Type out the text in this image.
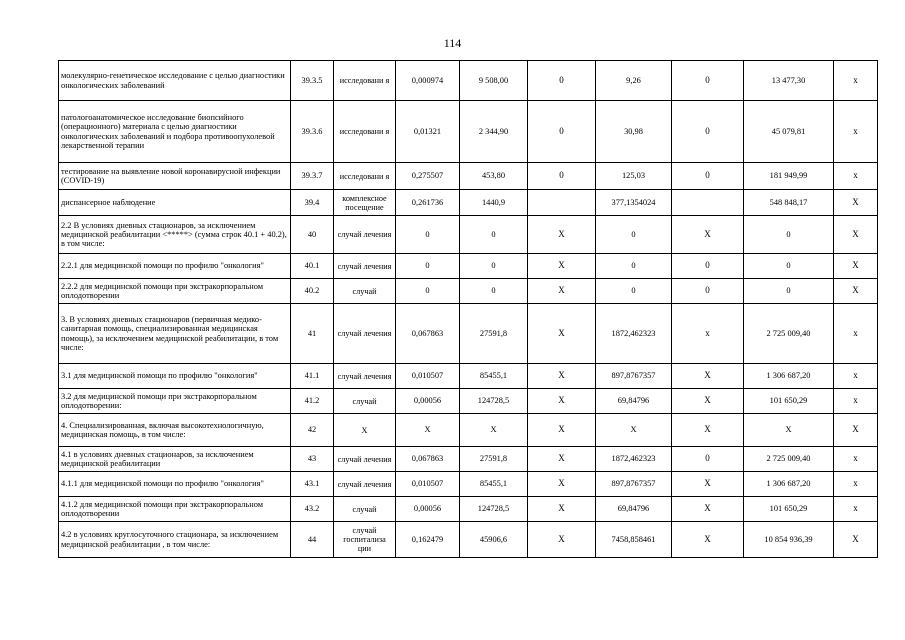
114
молекулярно-генетическое исследование с целью диагностики онкологических заболеваний	39.3.5	исследовани я	0,000974	9 508,00	0	9,26	0	13 477,30	х
патологоанатомическое исследование биопсийного (операционного) материала с целью диагностики онкологических заболеваний и подбора противоопухолевой лекарственной терапии	39.3.6	исследовани я	0,01321	2 344,90	0	30,98	0	45 079,81	х
тестирование на выявление новой коронавирусной инфекции (COVID-19)	39.3.7	исследовани я	0,275507	453,80	0	125,03	0	181 949,99	х
диспансерное наблюдение	39.4	комплексное посещение	0,261736	1440,9		377,1354024		548 848,17	Х
2.2 В условиях дневных стационаров, за исключением медицинской реабилитации <*****> (сумма строк 40.1 + 40.2), в том числе:	40	случай лечения	0	0	X	0	X	0	X
2.2.1 для медицинской помощи по профилю "онкология"	40.1	случай лечения	0	0	X	0	0	0	X
2.2.2 для медицинской помощи при экстракорпоральном оплодотворении	40.2	случай	0	0	X	0	0	0	X
3. В условиях дневных стационаров (первичная медико-санитарная помощь, специализированная медицинская помощь), за исключением медицинской реабилитации, в том числе:	41	случай лечения	0,067863	27591,8	X	1872,462323	x	2 725 009,40	x
3.1 для медицинской помощи по профилю "онкология"	41.1	случай лечения	0,010507	85455,1	X	897,8767357	X	1 306 687,20	x
3.2 для медицинской помощи при экстракорпоральном оплодотворении:	41.2	случай	0,00056	124728,5	X	69,84796	X	101 650,29	x
4. Специализированная, включая высокотехнологичную, медицинская помощь, в том числе:	42	X	X	X	X	X	X	X	X
4.1 в условиях дневных стационаров, за исключением медицинской реабилитации	43	случай лечения	0,067863	27591,8	X	1872,462323	0	2 725 009,40	x
4.1.1 для медицинской помощи по профилю "онкология"	43.1	случай лечения	0,010507	85455,1	X	897,8767357	X	1 306 687,20	x
4.1.2 для медицинской помощи при экстракорпоральном оплодотворении	43.2	случай	0,00056	124728,5	X	69,84796	X	101 650,29	x
4.2 в условиях круглосуточного стационара, за исключением медицинской реабилитации , в том числе:	44	случай госпитализа ции	0,162479	45906,6	X	7458,858461	X	10 854 936,39	X
